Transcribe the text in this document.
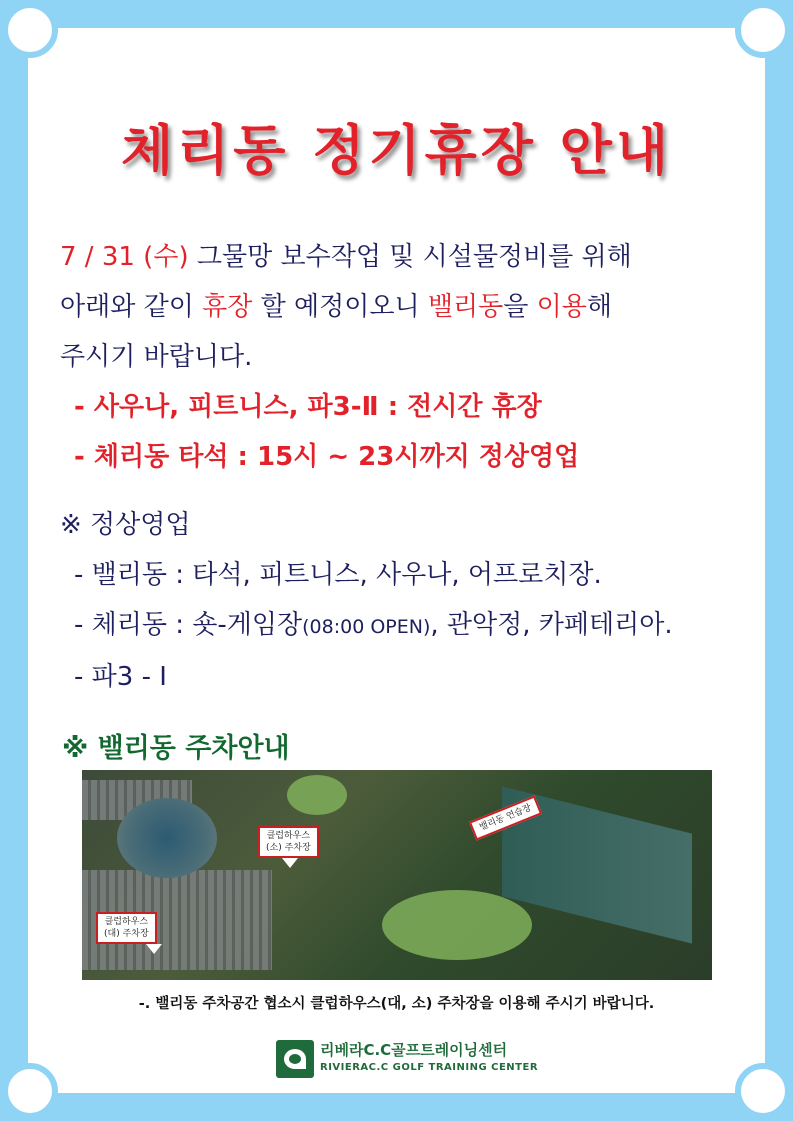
체리동 정기휴장 안내
7 / 31 (수) 그물망 보수작업 및 시설물정비를 위해
아래와 같이 휴장 할 예정이오니 밸리동을 이용해
주시기 바랍니다.
- 사우나, 피트니스, 파3-Ⅱ : 전시간 휴장
- 체리동 타석 : 15시 ~ 23시까지 정상영업
※ 정상영업
- 밸리동 : 타석, 피트니스, 사우나, 어프로치장.
- 체리동 : 숏-게임장(08:00 OPEN), 관악정, 카페테리아.
- 파3 - Ⅰ
※ 밸리동 주차안내
클럽하우스
(소) 주차장
클럽하우스
(대) 주차장
밸리동 연습장
-. 밸리동 주차공간 협소시 클럽하우스(대, 소) 주차장을 이용해 주시기 바랍니다.
리베라C.C골프트레이닝센터
RIVIERAC.C GOLF TRAINING CENTER
